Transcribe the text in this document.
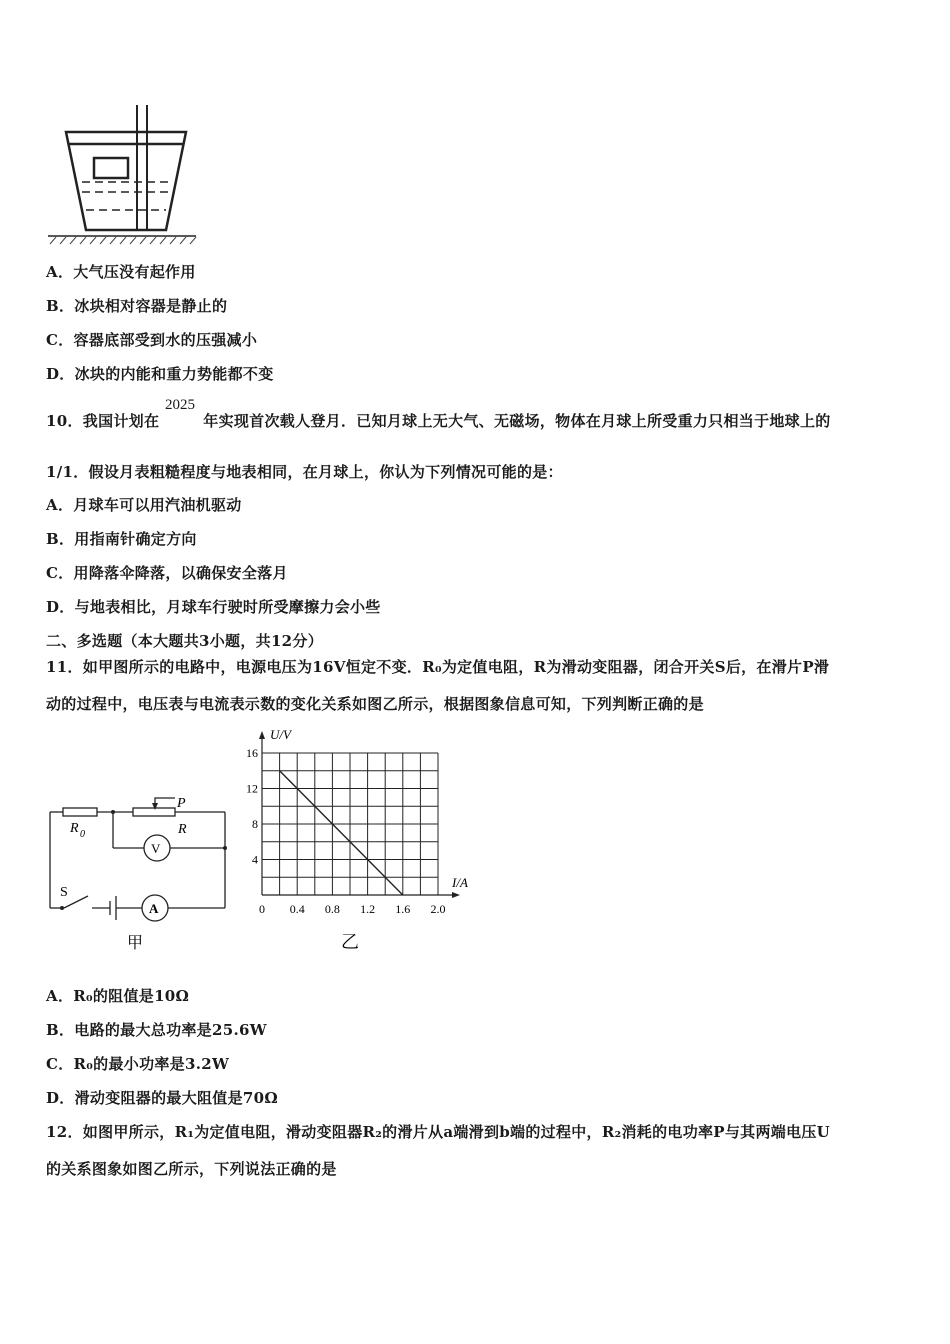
A．大气压没有起作用
B．冰块相对容器是静止的
C．容器底部受到水的压强减小
D．冰块的内能和重力势能都不变
10．我国计划在	年实现首次载人登月．已知月球上无大气、无磁场，物体在月球上所受重力只相当于地球上的
2025
1/1．假设月表粗糙程度与地表相同，在月球上，你认为下列情况可能的是：
A．月球车可以用汽油机驱动
B．用指南针确定方向
C．用降落伞降落，以确保安全落月
D．与地表相比，月球车行驶时所受摩擦力会小些
二、多选题（本大题共3小题，共12分）
11．如甲图所示的电路中，电源电压为16V恒定不变．R₀为定值电阻，R为滑动变阻器，闭合开关S后，在滑片P滑
动的过程中，电压表与电流表示数的变化关系如图乙所示，根据图象信息可知，下列判断正确的是
R 0
P
R
V
A
S
甲
0 0.4 0.8 1.2 1.6 2.0
4
8
12
16
U/V
I/A
乙
A．R₀的阻值是10Ω
B．电路的最大总功率是25.6W
C．R₀的最小功率是3.2W
D．滑动变阻器的最大阻值是70Ω
12．如图甲所示，R₁为定值电阻，滑动变阻器R₂的滑片从a端滑到b端的过程中，R₂消耗的电功率P与其两端电压U
的关系图象如图乙所示，下列说法正确的是
